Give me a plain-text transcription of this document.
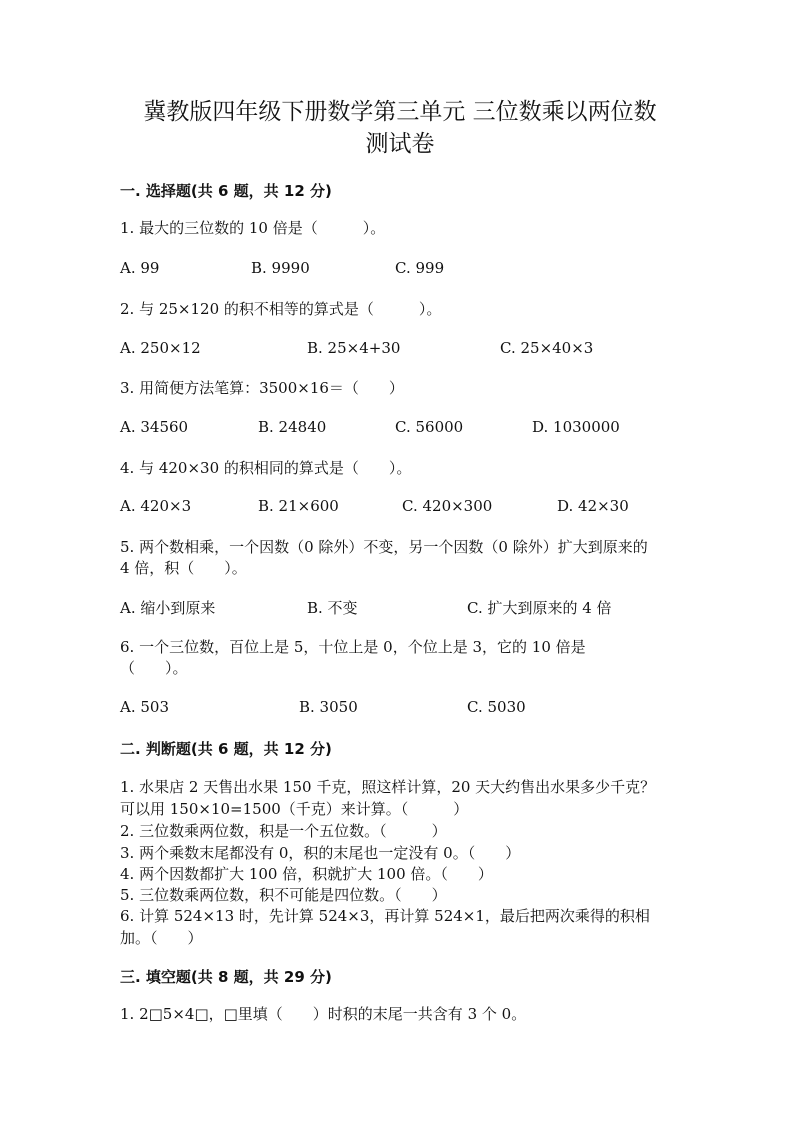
冀教版四年级下册数学第三单元 三位数乘以两位数
测试卷
一. 选择题(共 6 题，共 12 分)
1. 最大的三位数的 10 倍是（　　　）。
A. 99	B. 9990	C. 999
2. 与 25×120 的积不相等的算式是（　　　）。
A. 250×12	B. 25×4+30	C. 25×40×3
3. 用简便方法笔算：3500×16＝（　　）
A. 34560	B. 24840	C. 56000	D. 1030000
4. 与 420×30 的积相同的算式是（　　）。
A. 420×3	B. 21×600	C. 420×300	D. 42×30
5. 两个数相乘，一个因数（0 除外）不变，另一个因数（0 除外）扩大到原来的
4 倍，积（　　）。
A. 缩小到原来	B. 不变	C. 扩大到原来的 4 倍
6. 一个三位数，百位上是 5，十位上是 0，个位上是 3，它的 10 倍是
（　　）。
A. 503	B. 3050	C. 5030
二. 判断题(共 6 题，共 12 分)
1. 水果店 2 天售出水果 150 千克，照这样计算，20 天大约售出水果多少千克？
可以用 150×10=1500（千克）来计算。（　　　）
2. 三位数乘两位数，积是一个五位数。（　　　）
3. 两个乘数末尾都没有 0，积的末尾也一定没有 0。（　　）
4. 两个因数都扩大 100 倍，积就扩大 100 倍。（　　）
5. 三位数乘两位数，积不可能是四位数。（　　）
6. 计算 524×13 时，先计算 524×3，再计算 524×1，最后把两次乘得的积相
加。（　　）
三. 填空题(共 8 题，共 29 分)
1. 2□5×4□，□里填（　　）时积的末尾一共含有 3 个 0。
